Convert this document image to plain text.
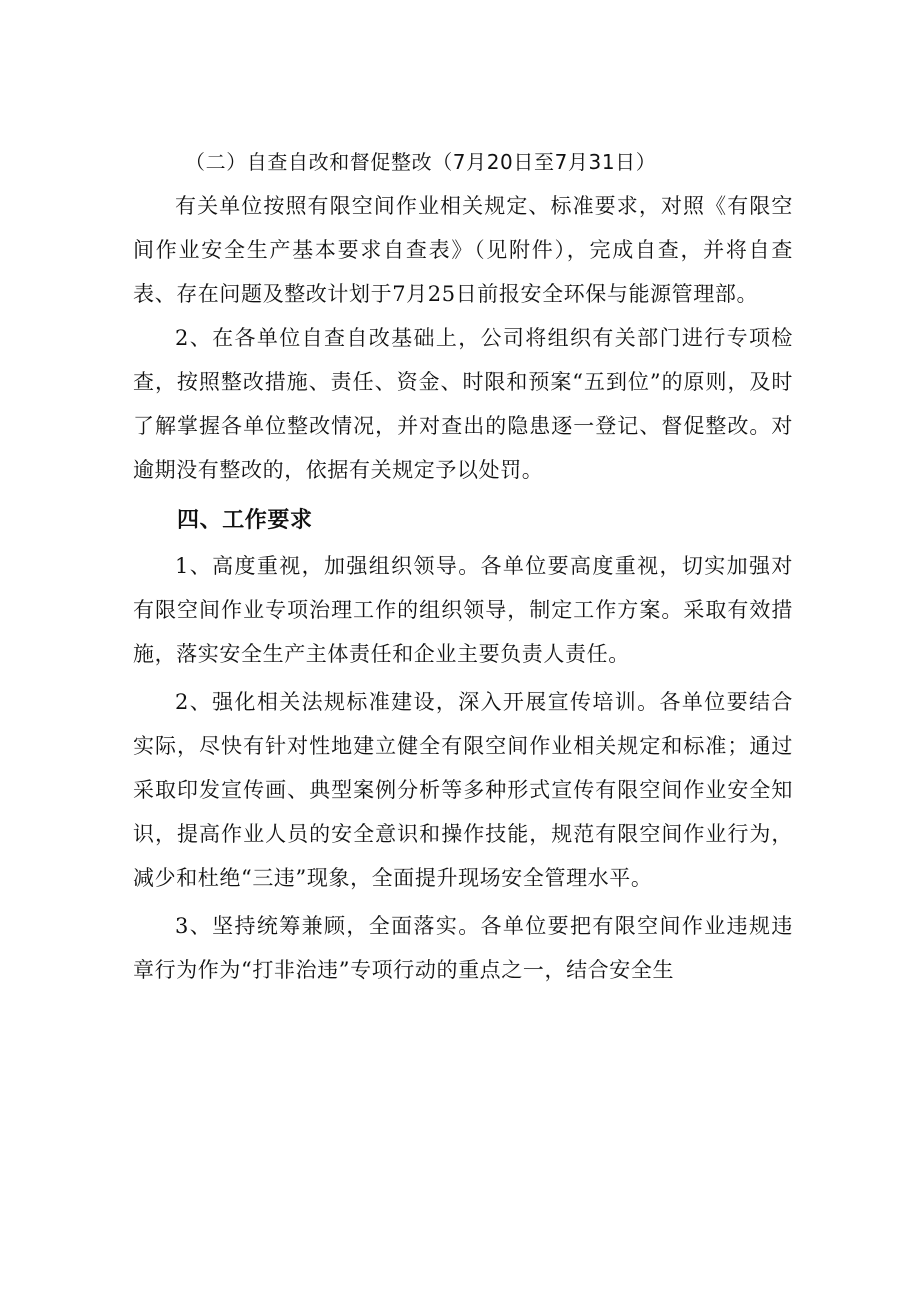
（二）自查自改和督促整改（7月20日至7月31日）

有关单位按照有限空间作业相关规定、标准要求，对照《有限空间作业安全生产基本要求自查表》（见附件），完成自查，并将自查表、存在问题及整改计划于7月25日前报安全环保与能源管理部。

2、在各单位自查自改基础上，公司将组织有关部门进行专项检查，按照整改措施、责任、资金、时限和预案“五到位”的原则，及时了解掌握各单位整改情况，并对查出的隐患逐一登记、督促整改。对逾期没有整改的，依据有关规定予以处罚。

四、工作要求

1、高度重视，加强组织领导。各单位要高度重视，切实加强对有限空间作业专项治理工作的组织领导，制定工作方案。采取有效措施，落实安全生产主体责任和企业主要负责人责任。

2、强化相关法规标准建设，深入开展宣传培训。各单位要结合实际，尽快有针对性地建立健全有限空间作业相关规定和标准；通过采取印发宣传画、典型案例分析等多种形式宣传有限空间作业安全知识，提高作业人员的安全意识和操作技能，规范有限空间作业行为，减少和杜绝“三违”现象，全面提升现场安全管理水平。

3、坚持统筹兼顾，全面落实。各单位要把有限空间作业违规违章行为作为“打非治违”专项行动的重点之一，结合安全生
